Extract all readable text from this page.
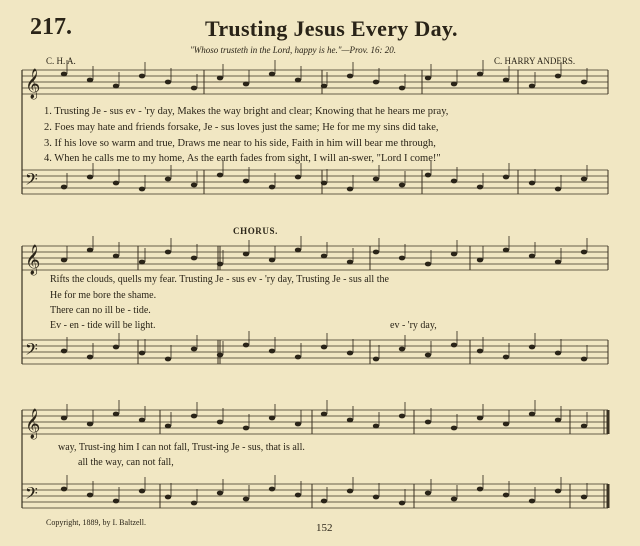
217.	Trusting Jesus Every Day.
"Whoso trusteth in the Lord, happy is he."—Prov. 16: 20.
C. H. A.	C. HARRY ANDERS.
𝄞
𝄢
𝄞
𝄢
𝄞
𝄢
1. Trusting Je - sus ev - 'ry day, Makes the way bright and clear; Knowing that he hears me pray,
2. Foes may hate and friends forsake, Je - sus loves just the same; He for me my sins did take,
3. If his love so warm and true, Draws me near to his side, Faith in him will bear me through,
4. When he calls me to my home, As the earth fades from sight, I will an-swer, "Lord I come!"
CHORUS.
Rifts the clouds, quells my fear. Trusting Je - sus ev - 'ry day, Trusting Je - sus all the
He for me bore the shame.
There can no ill be - tide.
Ev - en - tide will be light.	ev - 'ry day,
way, Trust-ing him I can not fall, Trust-ing Je - sus, that is all.
all the way, can not fall,
Copyright, 1889, by I. Baltzell.	152
